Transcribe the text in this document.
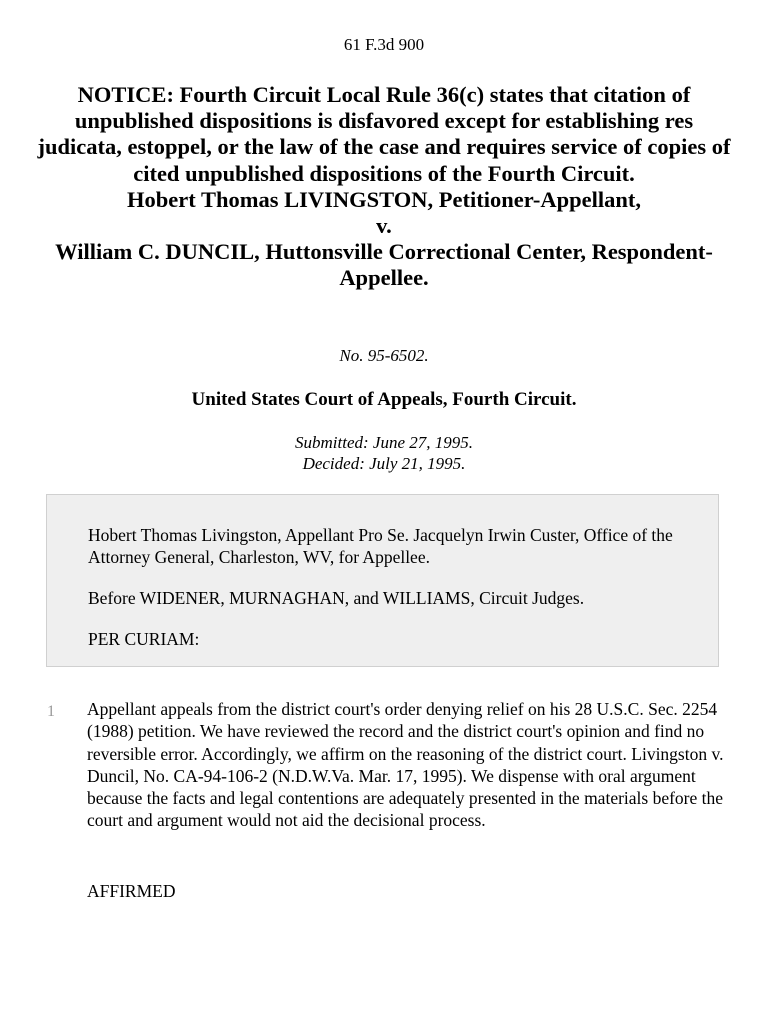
61 F.3d 900
NOTICE: Fourth Circuit Local Rule 36(c) states that citation of unpublished dispositions is disfavored except for establishing res judicata, estoppel, or the law of the case and requires service of copies of cited unpublished dispositions of the Fourth Circuit.
Hobert Thomas LIVINGSTON, Petitioner-Appellant,
v.
William C. DUNCIL, Huttonsville Correctional Center, Respondent-Appellee.
No. 95-6502.
United States Court of Appeals, Fourth Circuit.
Submitted: June 27, 1995.
Decided: July 21, 1995.

Hobert Thomas Livingston, Appellant Pro Se. Jacquelyn Irwin Custer, Office of the Attorney General, Charleston, WV, for Appellee.

Before WIDENER, MURNAGHAN, and WILLIAMS, Circuit Judges.

PER CURIAM:

1 Appellant appeals from the district court's order denying relief on his 28 U.S.C. Sec. 2254 (1988) petition. We have reviewed the record and the district court's opinion and find no reversible error. Accordingly, we affirm on the reasoning of the district court. Livingston v. Duncil, No. CA-94-106-2 (N.D.W.Va. Mar. 17, 1995). We dispense with oral argument because the facts and legal contentions are adequately presented in the materials before the court and argument would not aid the decisional process.

AFFIRMED
